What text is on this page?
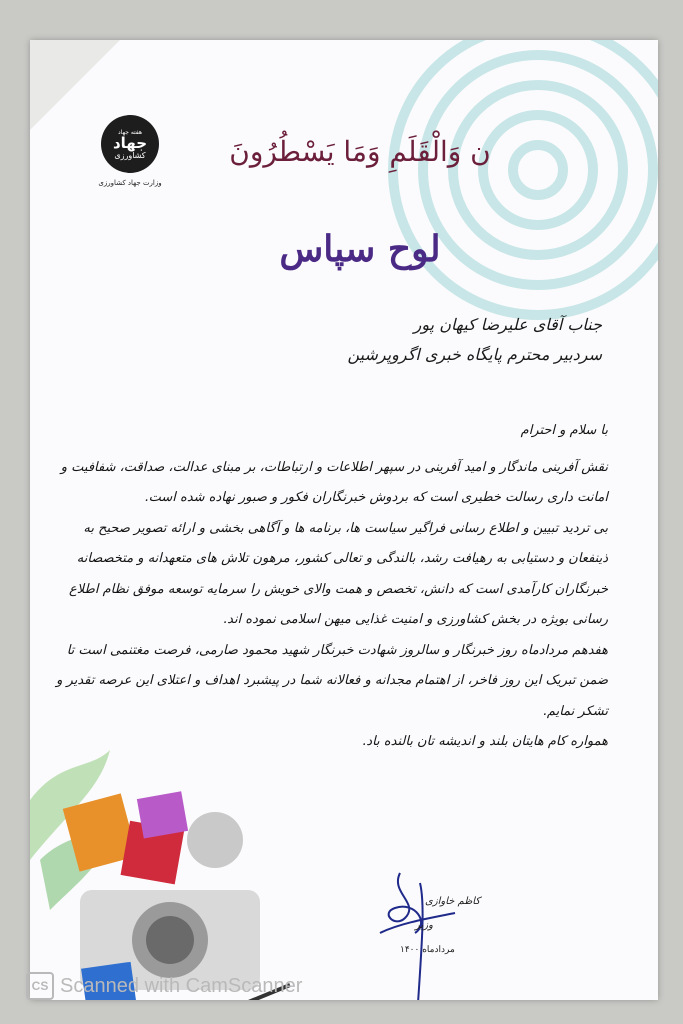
هفته جهاد
جهاد
کشاورزی
وزارت جهاد کشاورزی
ن وَالْقَلَمِ وَمَا يَسْطُرُونَ
لوح سپاس
جناب آقای علیرضا کیهان پور
سردبیر محترم پایگاه خبری اگروپرشین

با سلام و احترام

نقش آفرینی ماندگار و امید آفرینی در سپهر اطلاعات و ارتباطات، بر مبنای عدالت، صداقت، شفافیت و امانت داری رسالت خطیری است که بردوش خبرنگاران فکور و صبور نهاده شده است.

بی تردید تبیین و اطلاع رسانی فراگیر سیاست ها، برنامه ها و آگاهی بخشی و ارائه تصویر صحیح به ذینفعان و دستیابی به رهیافت رشد، بالندگی و تعالی کشور، مرهون تلاش های متعهدانه و متخصصانه خبرنگاران کارآمدی است که دانش، تخصص و همت والای خویش را سرمایه توسعه موفق نظام اطلاع رسانی بویژه در بخش کشاورزی و امنیت غذایی میهن اسلامی نموده اند.

هفدهم مردادماه روز خبرنگار و سالروز شهادت خبرنگار شهید محمود صارمی، فرصت مغتنمی است تا ضمن تبریک این روز فاخر، از اهتمام مجدانه و فعالانه شما در پیشبرد اهداف و اعتلای این عرصه تقدیر و تشکر نمایم.

همواره کام هایتان بلند و اندیشه تان بالنده باد.

کاظم خاوازی
وزیر
مردادماه ۱۴۰۰
CS Scanned with CamScanner
